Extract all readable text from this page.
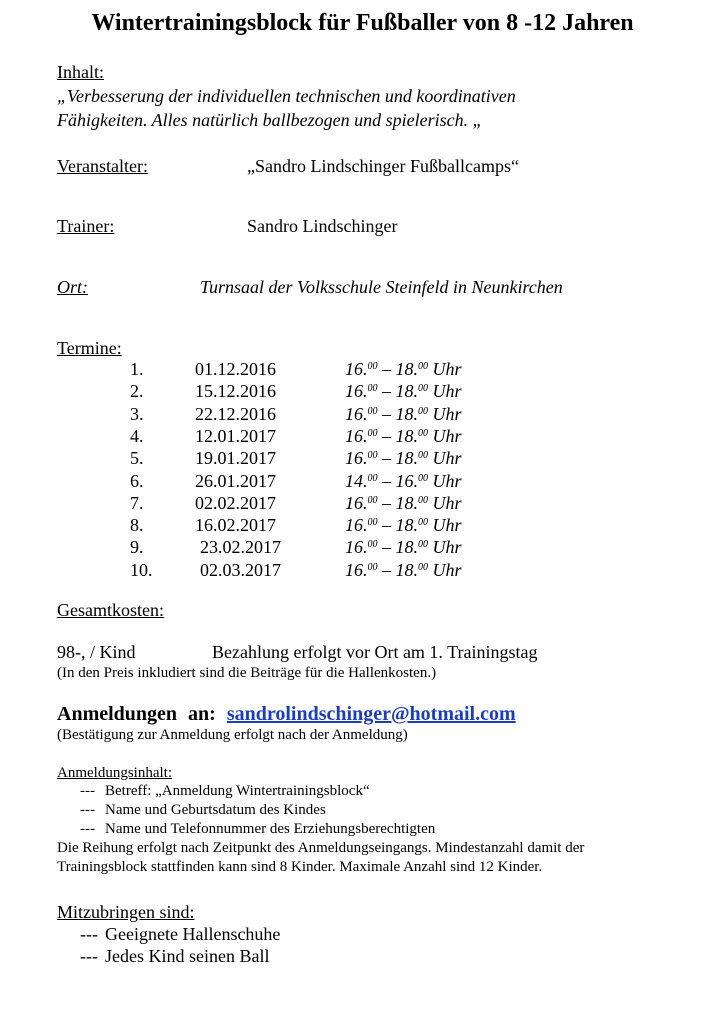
Wintertrainingsblock für Fußballer von 8 -12 Jahren
Inhalt:
„Verbesserung der individuellen technischen und koordinativen
Fähigkeiten. Alles natürlich ballbezogen und spielerisch. „
Veranstalter:	„Sandro Lindschinger Fußballcamps“
Trainer:	Sandro Lindschinger
Ort:	Turnsaal der Volksschule Steinfeld in Neunkirchen
Termine:
1.	01.12.2016	16.00 – 18.00 Uhr
2.	15.12.2016	16.00 – 18.00 Uhr
3.	22.12.2016	16.00 – 18.00 Uhr
4.	12.01.2017	16.00 – 18.00 Uhr
5.	19.01.2017	16.00 – 18.00 Uhr
6.	26.01.2017	14.00 – 16.00 Uhr
7.	02.02.2017	16.00 – 18.00 Uhr
8.	16.02.2017	16.00 – 18.00 Uhr
9.	23.02.2017	16.00 – 18.00 Uhr
10.	02.03.2017	16.00 – 18.00 Uhr
Gesamtkosten:
98-, / Kind	Bezahlung erfolgt vor Ort am 1. Trainingstag
(In den Preis inkludiert sind die Beiträge für die Hallenkosten.)
Anmeldungen an: sandrolindschinger@hotmail.com
(Bestätigung zur Anmeldung erfolgt nach der Anmeldung)
Anmeldungsinhalt:
--- Betreff: „Anmeldung Wintertrainingsblock“
--- Name und Geburtsdatum des Kindes
--- Name und Telefonnummer des Erziehungsberechtigten
Die Reihung erfolgt nach Zeitpunkt des Anmeldungseingangs. Mindestanzahl damit der
Trainingsblock stattfinden kann sind 8 Kinder. Maximale Anzahl sind 12 Kinder.
Mitzubringen sind:
--- Geeignete Hallenschuhe
--- Jedes Kind seinen Ball
